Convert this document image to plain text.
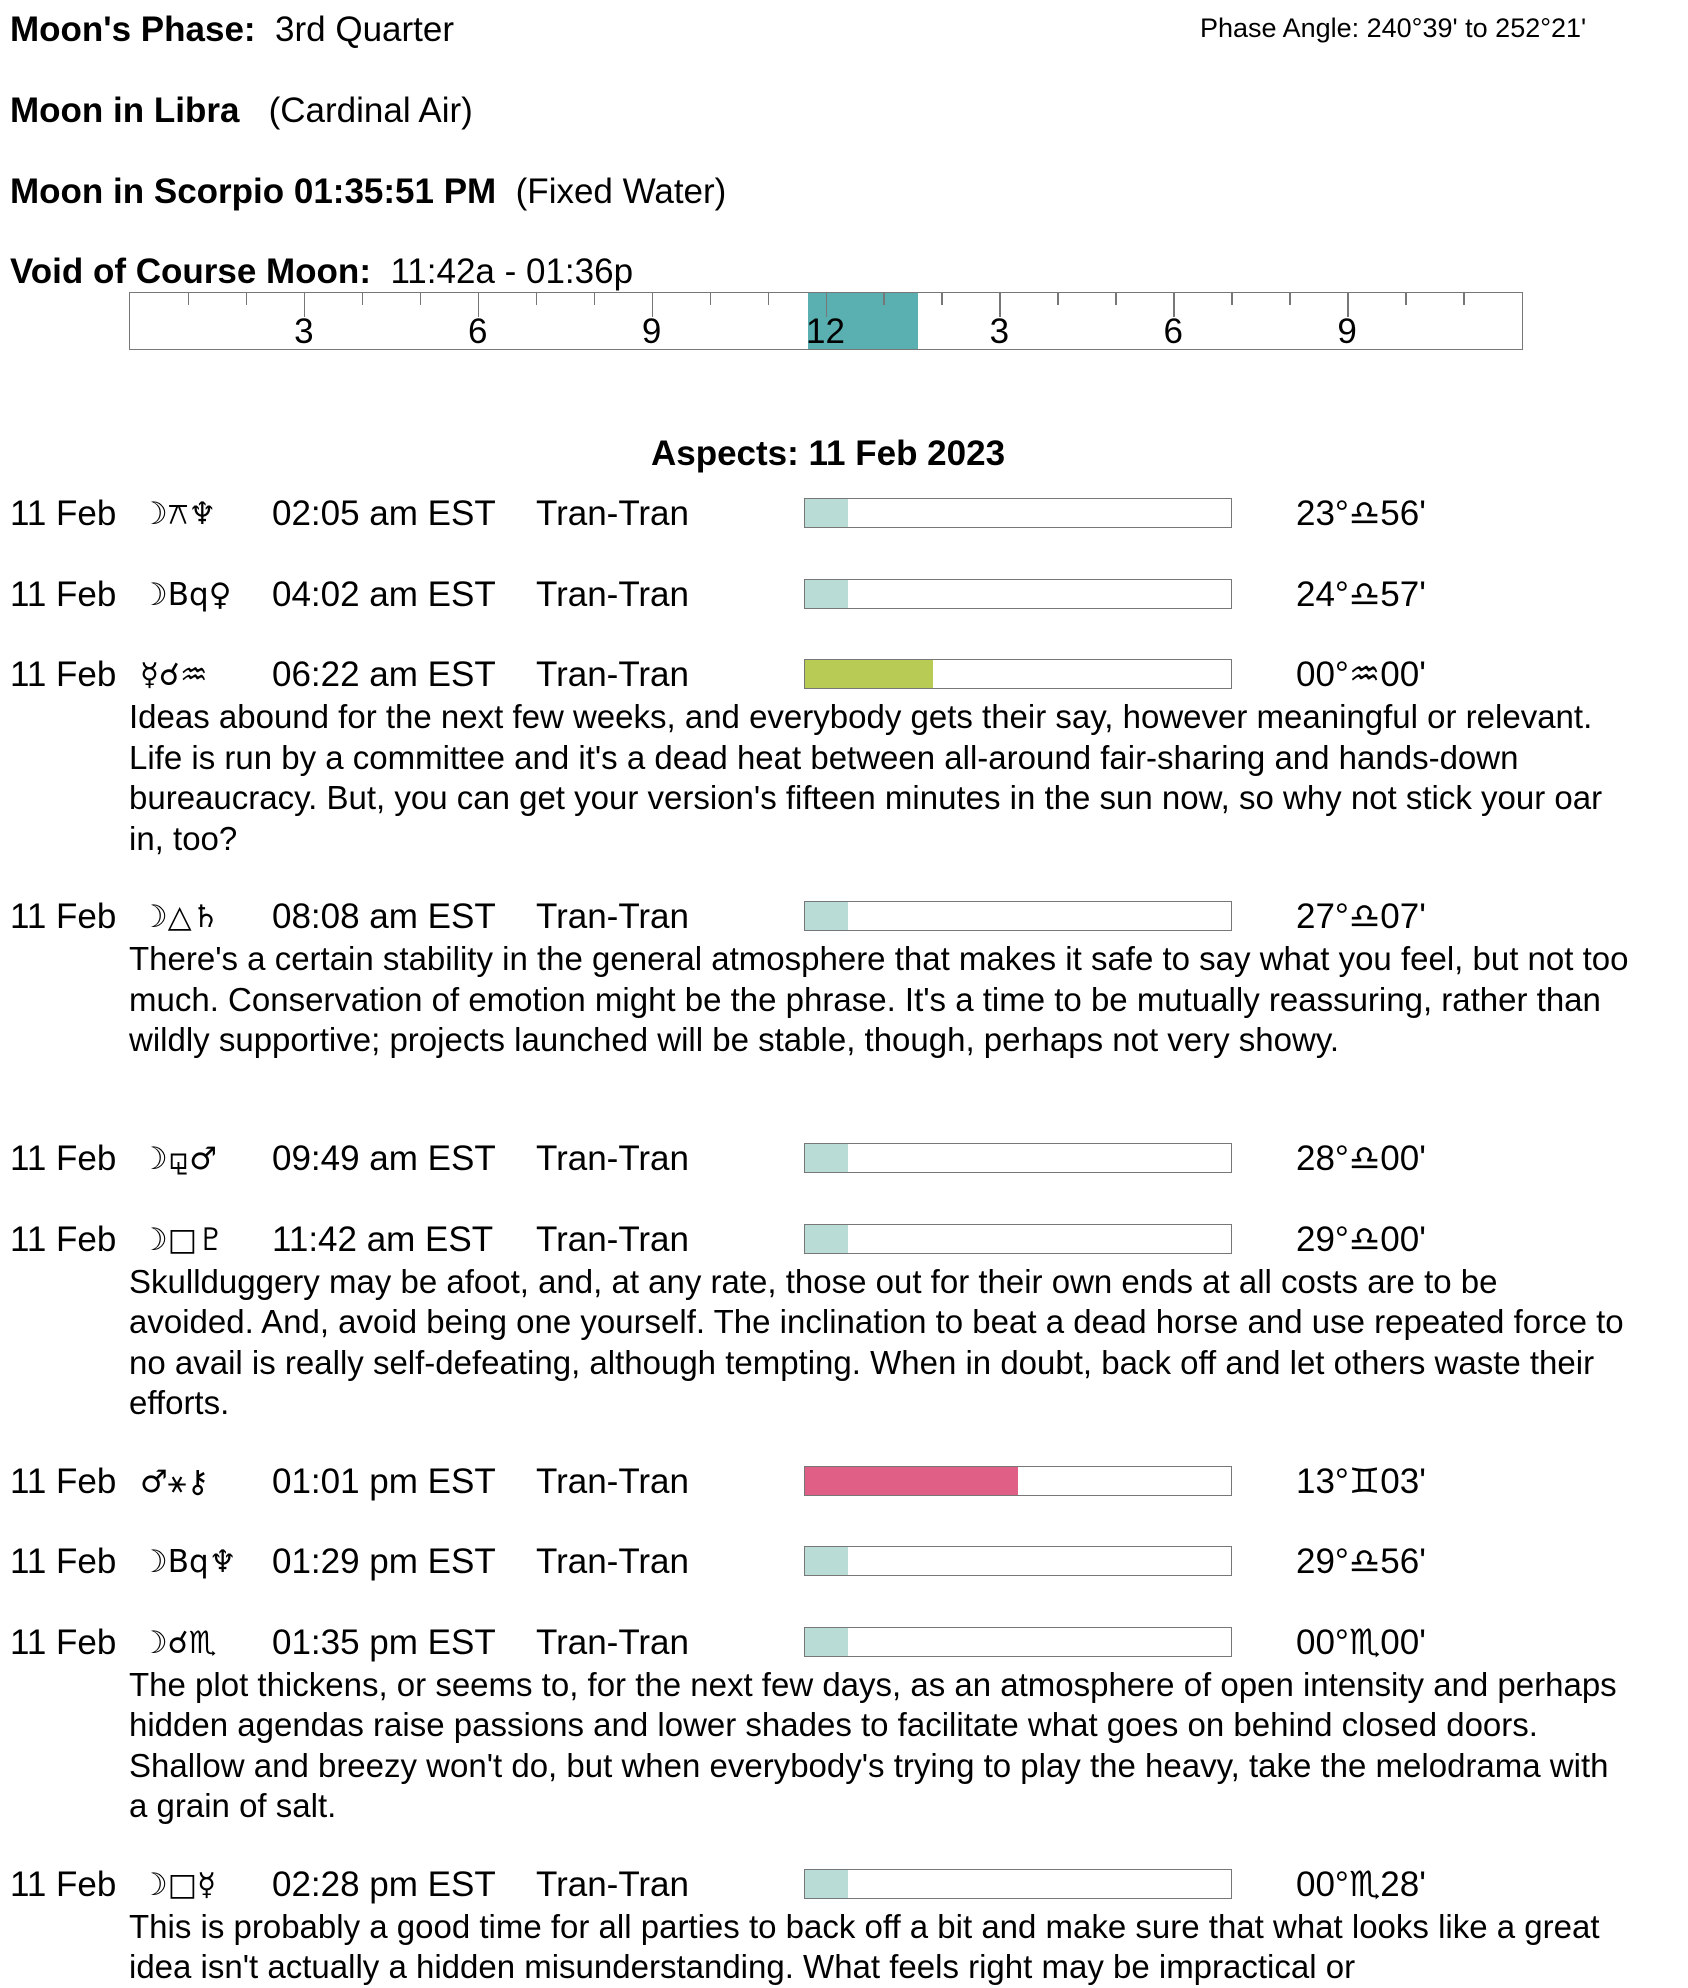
Moon's Phase: 3rd Quarter	Phase Angle: 240°39' to 252°21'
Moon in Libra (Cardinal Air)
Moon in Scorpio 01:35:51 PM (Fixed Water)
Void of Course Moon: 11:42a - 01:36p
3	6	9	12	3	6	9
Aspects: 11 Feb 2023
11 Feb ☽⚻♆ 02:05 am EST Tran-Tran	23°♎56'
11 Feb ☽Bq♀ 04:02 am EST Tran-Tran	24°♎57'
11 Feb ☿☌♒ 06:22 am EST Tran-Tran	00°♒00'
Ideas abound for the next few weeks, and everybody gets their say, however meaningful or relevant. Life is run by a committee and it's a dead heat between all-around fair-sharing and hands-down bureaucracy. But, you can get your version's fifteen minutes in the sun now, so why not stick your oar in, too?
11 Feb ☽△♄ 08:08 am EST Tran-Tran	27°♎07'
There's a certain stability in the general atmosphere that makes it safe to say what you feel, but not too much. Conservation of emotion might be the phrase. It's a time to be mutually reassuring, rather than wildly supportive; projects launched will be stable, though, perhaps not very showy.
11 Feb ☽⚼♂ 09:49 am EST Tran-Tran	28°♎00'
11 Feb ☽□♇ 11:42 am EST Tran-Tran	29°♎00'
Skullduggery may be afoot, and, at any rate, those out for their own ends at all costs are to be avoided. And, avoid being one yourself. The inclination to beat a dead horse and use repeated force to no avail is really self-defeating, although tempting. When in doubt, back off and let others waste their efforts.
11 Feb ♂⚹⚷ 01:01 pm EST Tran-Tran	13°♊03'
11 Feb ☽Bq♆ 01:29 pm EST Tran-Tran	29°♎56'
11 Feb ☽☌♏ 01:35 pm EST Tran-Tran	00°♏00'
The plot thickens, or seems to, for the next few days, as an atmosphere of open intensity and perhaps hidden agendas raise passions and lower shades to facilitate what goes on behind closed doors. Shallow and breezy won't do, but when everybody's trying to play the heavy, take the melodrama with a grain of salt.
11 Feb ☽□☿ 02:28 pm EST Tran-Tran	00°♏28'
This is probably a good time for all parties to back off a bit and make sure that what looks like a great idea isn't actually a hidden misunderstanding. What feels right may be impractical or
